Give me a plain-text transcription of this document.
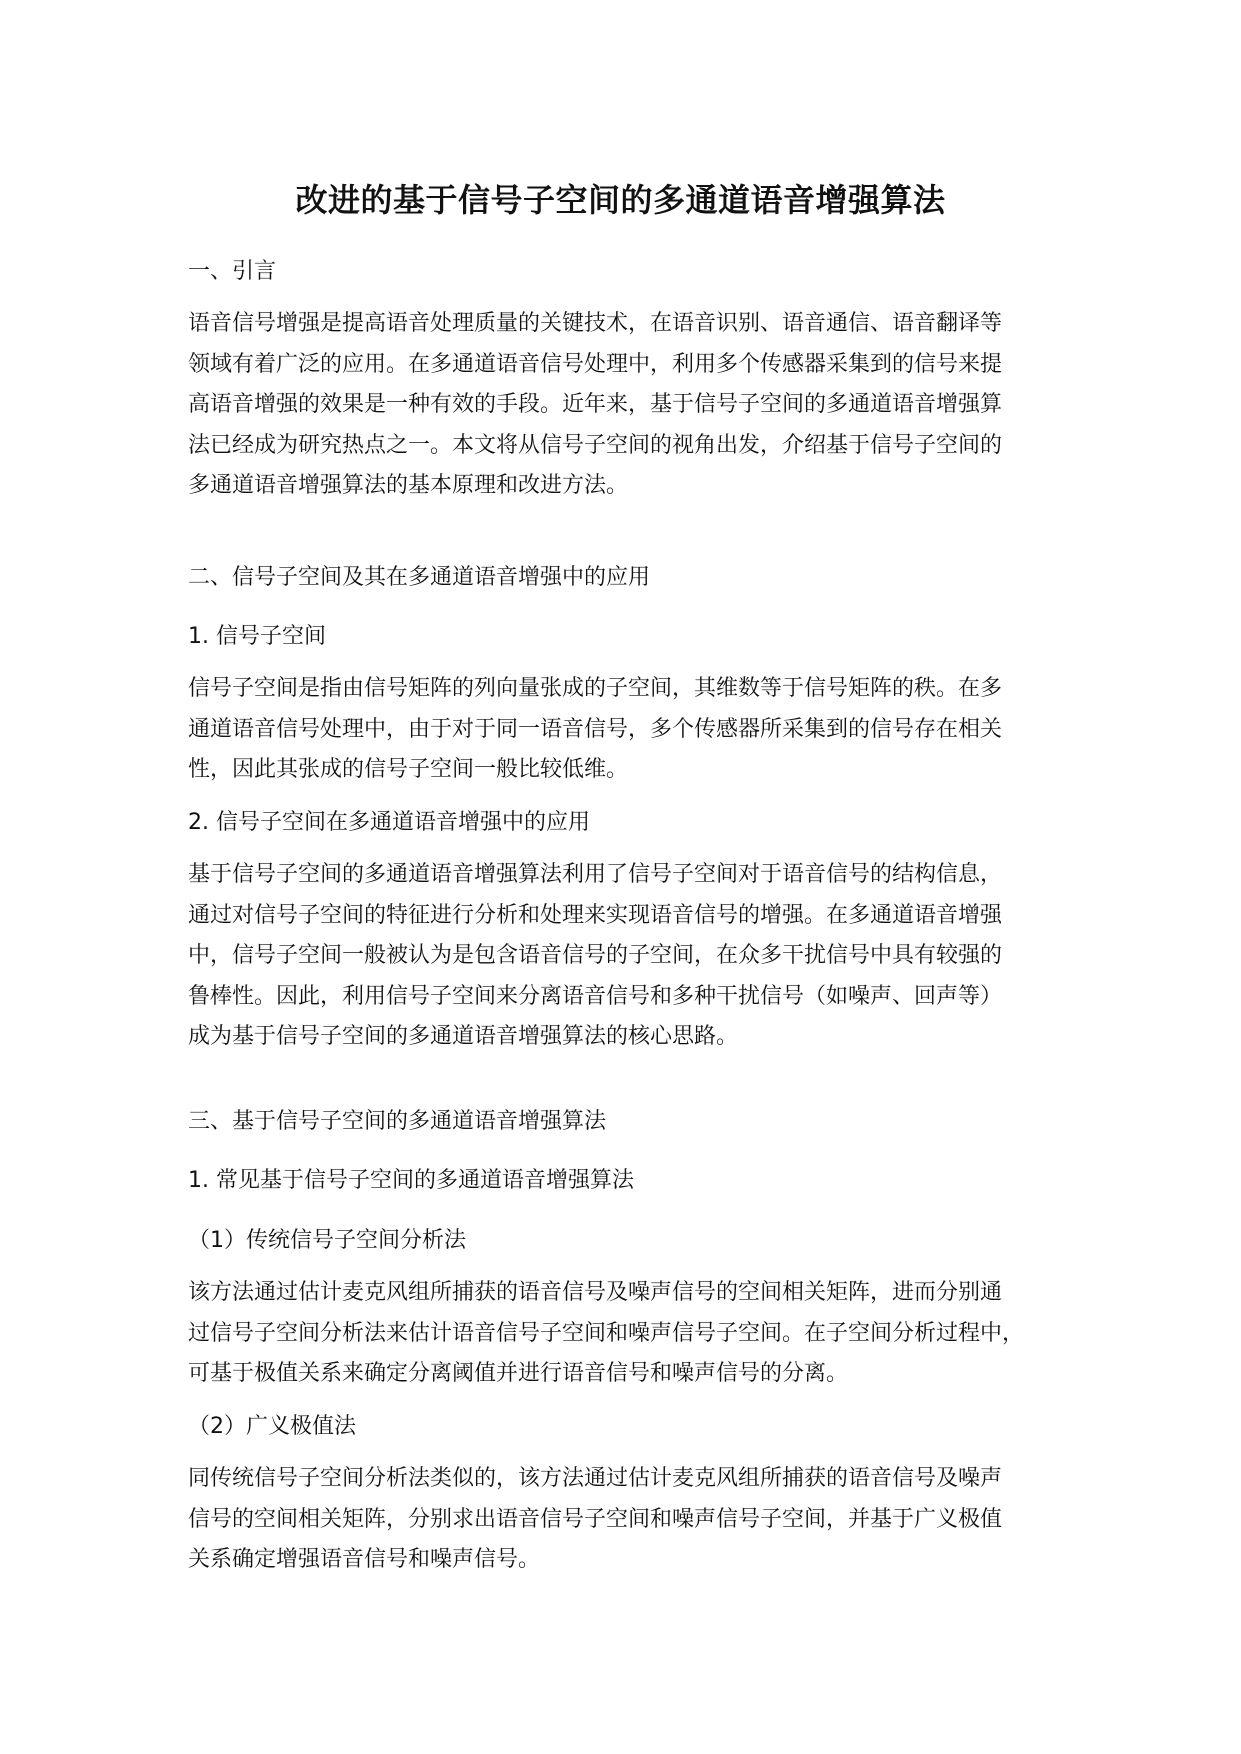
改进的基于信号子空间的多通道语音增强算法
一、引言
语音信号增强是提高语音处理质量的关键技术，在语音识别、语音通信、语音翻译等
领域有着广泛的应用。在多通道语音信号处理中，利用多个传感器采集到的信号来提
高语音增强的效果是一种有效的手段。近年来，基于信号子空间的多通道语音增强算
法已经成为研究热点之一。本文将从信号子空间的视角出发，介绍基于信号子空间的
多通道语音增强算法的基本原理和改进方法。
二、信号子空间及其在多通道语音增强中的应用
1. 信号子空间
信号子空间是指由信号矩阵的列向量张成的子空间，其维数等于信号矩阵的秩。在多
通道语音信号处理中，由于对于同一语音信号，多个传感器所采集到的信号存在相关
性，因此其张成的信号子空间一般比较低维。
2. 信号子空间在多通道语音增强中的应用
基于信号子空间的多通道语音增强算法利用了信号子空间对于语音信号的结构信息，
通过对信号子空间的特征进行分析和处理来实现语音信号的增强。在多通道语音增强
中，信号子空间一般被认为是包含语音信号的子空间，在众多干扰信号中具有较强的
鲁棒性。因此，利用信号子空间来分离语音信号和多种干扰信号（如噪声、回声等）
成为基于信号子空间的多通道语音增强算法的核心思路。
三、基于信号子空间的多通道语音增强算法
1. 常见基于信号子空间的多通道语音增强算法
（1）传统信号子空间分析法
该方法通过估计麦克风组所捕获的语音信号及噪声信号的空间相关矩阵，进而分别通
过信号子空间分析法来估计语音信号子空间和噪声信号子空间。在子空间分析过程中，
可基于极值关系来确定分离阈值并进行语音信号和噪声信号的分离。
（2）广义极值法
同传统信号子空间分析法类似的，该方法通过估计麦克风组所捕获的语音信号及噪声
信号的空间相关矩阵，分别求出语音信号子空间和噪声信号子空间，并基于广义极值
关系确定增强语音信号和噪声信号。
